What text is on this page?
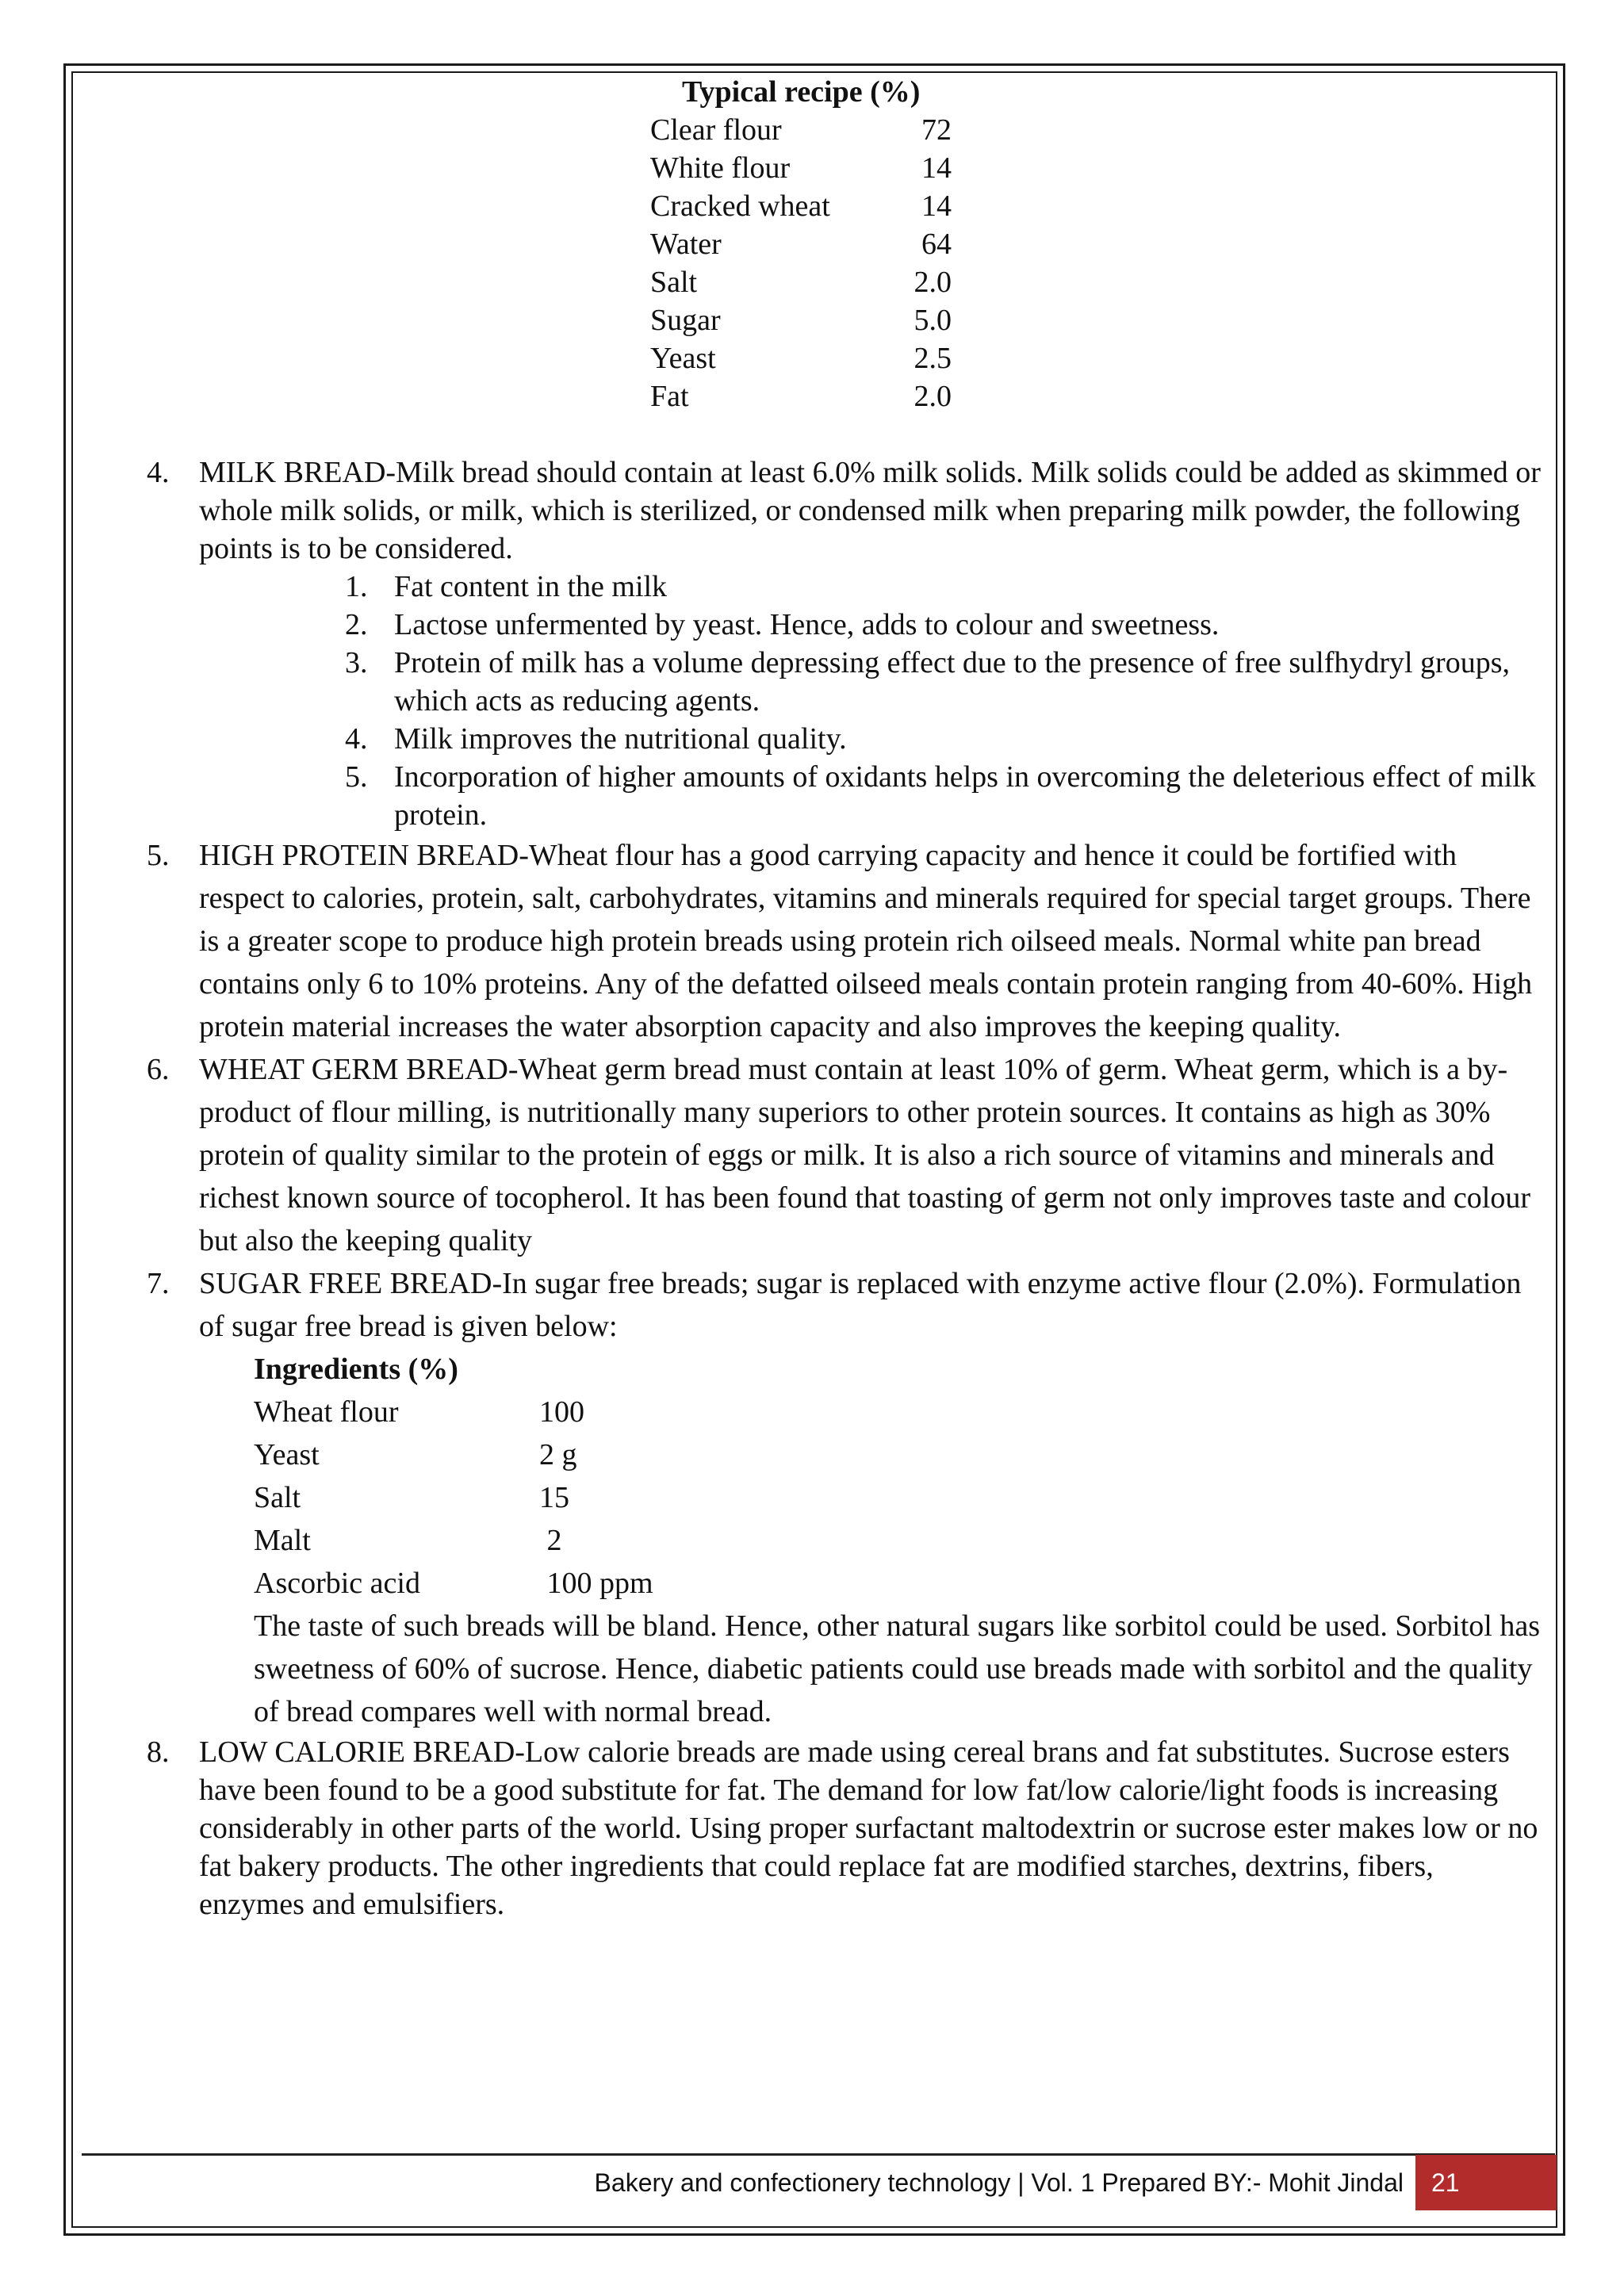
Typical recipe (%)
Clear flour	72
White flour	14
Cracked wheat	14
Water	64
Salt	2.0
Sugar	5.0
Yeast	2.5
Fat	2.0
4. MILK BREAD-Milk bread should contain at least 6.0% milk solids. Milk solids could be added as skimmed or whole milk solids, or milk, which is sterilized, or condensed milk when preparing milk powder, the following points is to be considered.
1. Fat content in the milk
2. Lactose unfermented by yeast. Hence, adds to colour and sweetness.
3. Protein of milk has a volume depressing effect due to the presence of free sulfhydryl groups, which acts as reducing agents.
4. Milk improves the nutritional quality.
5. Incorporation of higher amounts of oxidants helps in overcoming the deleterious effect of milk protein.
5. HIGH PROTEIN BREAD-Wheat flour has a good carrying capacity and hence it could be fortified with respect to calories, protein, salt, carbohydrates, vitamins and minerals required for special target groups. There is a greater scope to produce high protein breads using protein rich oilseed meals. Normal white pan bread contains only 6 to 10% proteins. Any of the defatted oilseed meals contain protein ranging from 40-60%. High protein material increases the water absorption capacity and also improves the keeping quality.
6. WHEAT GERM BREAD-Wheat germ bread must contain at least 10% of germ. Wheat germ, which is a by-product of flour milling, is nutritionally many superiors to other protein sources. It contains as high as 30% protein of quality similar to the protein of eggs or milk. It is also a rich source of vitamins and minerals and richest known source of tocopherol. It has been found that toasting of germ not only improves taste and colour but also the keeping quality
7. SUGAR FREE BREAD-In sugar free breads; sugar is replaced with enzyme active flour (2.0%). Formulation of sugar free bread is given below:
Ingredients (%)
Wheat flour	100
Yeast	2 g
Salt	15
Malt	2
Ascorbic acid	100 ppm
The taste of such breads will be bland. Hence, other natural sugars like sorbitol could be used. Sorbitol has sweetness of 60% of sucrose. Hence, diabetic patients could use breads made with sorbitol and the quality of bread compares well with normal bread.
8. LOW CALORIE BREAD-Low calorie breads are made using cereal brans and fat substitutes. Sucrose esters have been found to be a good substitute for fat. The demand for low fat/low calorie/light foods is increasing considerably in other parts of the world. Using proper surfactant maltodextrin or sucrose ester makes low or no fat bakery products. The other ingredients that could replace fat are modified starches, dextrins, fibers, enzymes and emulsifiers.
Bakery and confectionery technology | Vol. 1 Prepared BY:- Mohit Jindal	21
